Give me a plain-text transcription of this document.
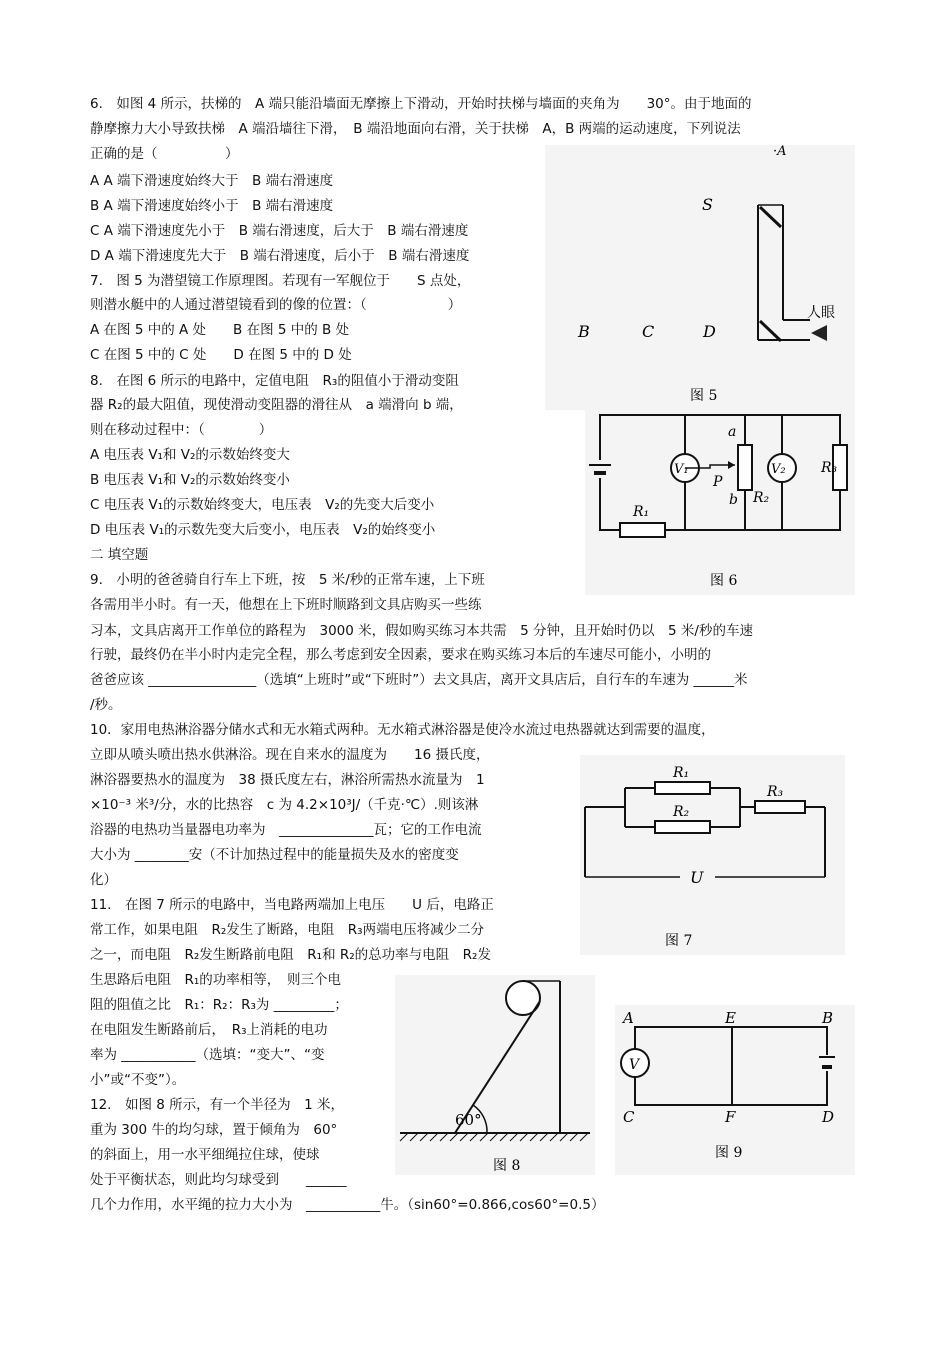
6.　如图 4 所示，扶梯的　A 端只能沿墙面无摩擦上下滑动，开始时扶梯与墙面的夹角为　　30°。由于地面的
静摩擦力大小导致扶梯　A 端沿墙往下滑，　B 端沿地面向右滑，关于扶梯　A，B 两端的运动速度，下列说法
正确的是（　　　　　）
A A 端下滑速度始终大于　B 端右滑速度
B A 端下滑速度始终小于　B 端右滑速度
C A 端下滑速度先小于　B 端右滑速度，后大于　B 端右滑速度
D A 端下滑速度先大于　B 端右滑速度，后小于　B 端右滑速度
7.　图 5 为潜望镜工作原理图。若现有一军舰位于　　S 点处，
则潜水艇中的人通过潜望镜看到的像的位置：（　　　　　　）
A 在图 5 中的 A 处　　B 在图 5 中的 B 处
C 在图 5 中的 C 处　　D 在图 5 中的 D 处
8.　在图 6 所示的电路中，定值电阻　R₃的阻值小于滑动变阻
器 R₂的最大阻值，现使滑动变阻器的滑往从　a 端滑向 b 端，
则在移动过程中：（　　　　）
A 电压表 V₁和 V₂的示数始终变大
B 电压表 V₁和 V₂的示数始终变小
C 电压表 V₁的示数始终变大，电压表　V₂的先变大后变小
D 电压表 V₁的示数先变大后变小，电压表　V₂的始终变小
二 填空题
9.　小明的爸爸骑自行车上下班，按　5 米/秒的正常车速，上下班
各需用半小时。有一天，他想在上下班时顺路到文具店购买一些练
习本，文具店离开工作单位的路程为　3000 米，假如购买练习本共需　5 分钟，且开始时仍以　5 米/秒的车速
行驶，最终仍在半小时内走完全程，那么考虑到安全因素，要求在购买练习本后的车速尽可能小，小明的
爸爸应该 ________________（选填“上班时”或“下班时”）去文具店，离开文具店后，自行车的车速为 ______米
/秒。
10．家用电热淋浴器分储水式和无水箱式两种。无水箱式淋浴器是使冷水流过电热器就达到需要的温度，
立即从喷头喷出热水供淋浴。现在自来水的温度为　　16 摄氏度，
淋浴器要热水的温度为　38 摄氏度左右，淋浴所需热水流量为　1
×10⁻³ 米³/分，水的比热容　c 为 4.2×10³J/（千克·℃）.则该淋
浴器的电热功当量器电功率为　______________瓦；它的工作电流
大小为 ________安（不计加热过程中的能量损失及水的密度变
化）
11.　在图 7 所示的电路中，当电路两端加上电压　　U 后，电路正
常工作，如果电阻　R₂发生了断路，电阻　R₃两端电压将减少二分
之一，而电阻　R₂发生断路前电阻　R₁和 R₂的总功率与电阻　R₂发
生思路后电阻　R₁的功率相等，　则三个电
阻的阻值之比　R₁：R₂：R₃为 _________；
在电阻发生断路前后，　R₃上消耗的电功
率为 ___________（选填：“变大”、“变
小”或“不变”）。
12.　如图 8 所示，有一个半径为　1 米，
重为 300 牛的均匀球，置于倾角为　60°
的斜面上，用一水平细绳拉住球，使球
处于平衡状态，则此均匀球受到　　______
几个力作用，水平绳的拉力大小为　___________牛。（sin60°=0.866,cos60°=0.5）
·A
S
人眼
B	C	D
图 5
R₁
V₁
a
b R₂
P
V₂	R₃
图 6
R₁
R₂
R₃
U
图 7
60°
图 8
V
A	E	B
C	F	D
图 9
